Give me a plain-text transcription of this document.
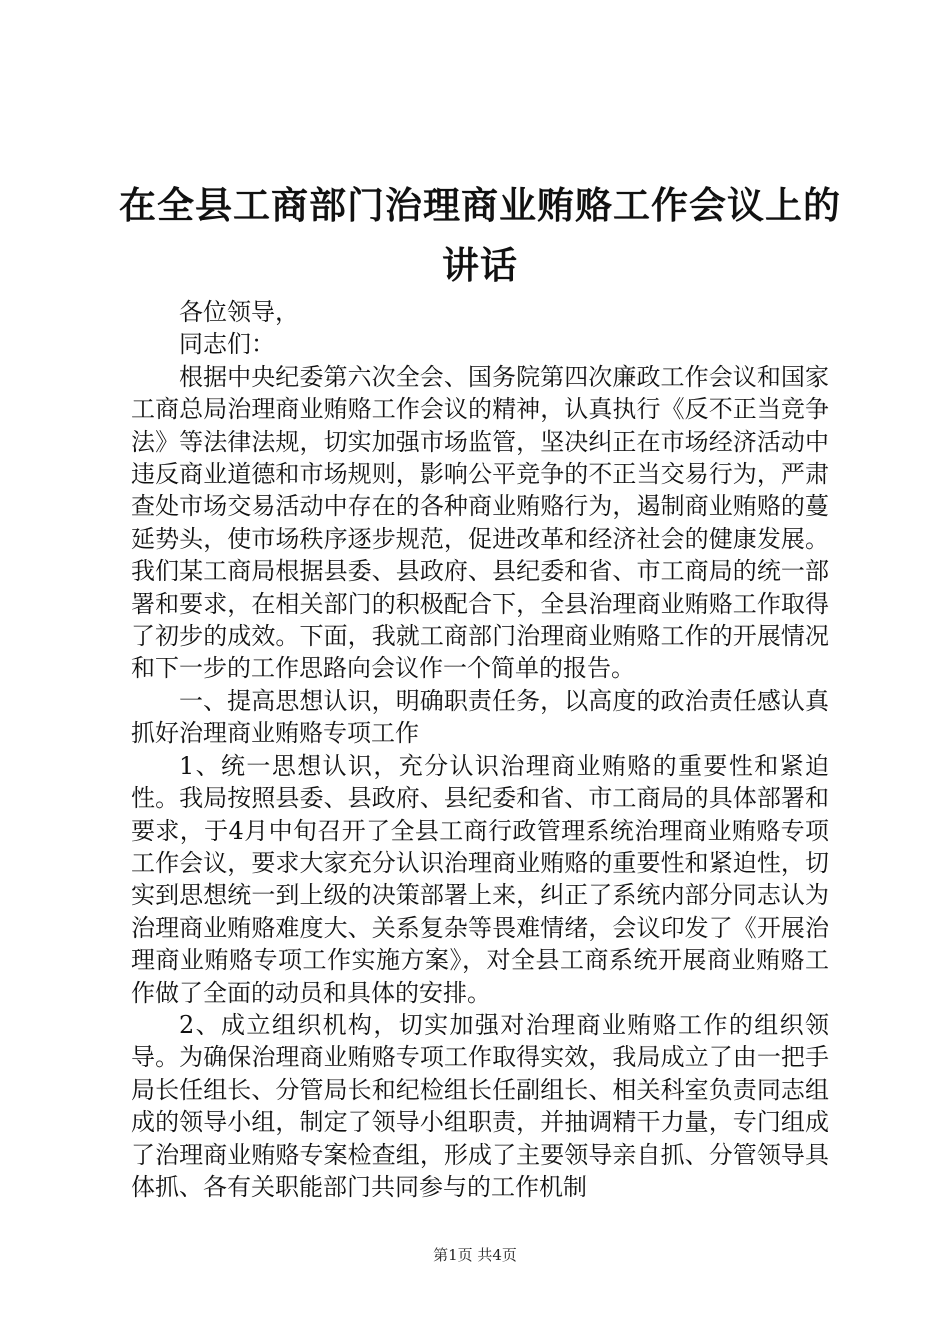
在全县工商部门治理商业贿赂工作会议上的讲话

各位领导，

同志们：

根据中央纪委第六次全会、国务院第四次廉政工作会议和国家工商总局治理商业贿赂工作会议的精神，认真执行《反不正当竞争法》等法律法规，切实加强市场监管，坚决纠正在市场经济活动中违反商业道德和市场规则，影响公平竞争的不正当交易行为，严肃查处市场交易活动中存在的各种商业贿赂行为，遏制商业贿赂的蔓延势头，使市场秩序逐步规范，促进改革和经济社会的健康发展。我们某工商局根据县委、县政府、县纪委和省、市工商局的统一部署和要求，在相关部门的积极配合下，全县治理商业贿赂工作取得了初步的成效。下面，我就工商部门治理商业贿赂工作的开展情况和下一步的工作思路向会议作一个简单的报告。

一、提高思想认识，明确职责任务，以高度的政治责任感认真抓好治理商业贿赂专项工作

1、统一思想认识，充分认识治理商业贿赂的重要性和紧迫性。我局按照县委、县政府、县纪委和省、市工商局的具体部署和要求，于4月中旬召开了全县工商行政管理系统治理商业贿赂专项工作会议，要求大家充分认识治理商业贿赂的重要性和紧迫性，切实到思想统一到上级的决策部署上来，纠正了系统内部分同志认为治理商业贿赂难度大、关系复杂等畏难情绪，会议印发了《开展治理商业贿赂专项工作实施方案》，对全县工商系统开展商业贿赂工作做了全面的动员和具体的安排。

2、成立组织机构，切实加强对治理商业贿赂工作的组织领导。为确保治理商业贿赂专项工作取得实效，我局成立了由一把手局长任组长、分管局长和纪检组长任副组长、相关科室负责同志组成的领导小组，制定了领导小组职责，并抽调精干力量，专门组成了治理商业贿赂专案检查组，形成了主要领导亲自抓、分管领导具体抓、各有关职能部门共同参与的工作机制

第1页 共4页
